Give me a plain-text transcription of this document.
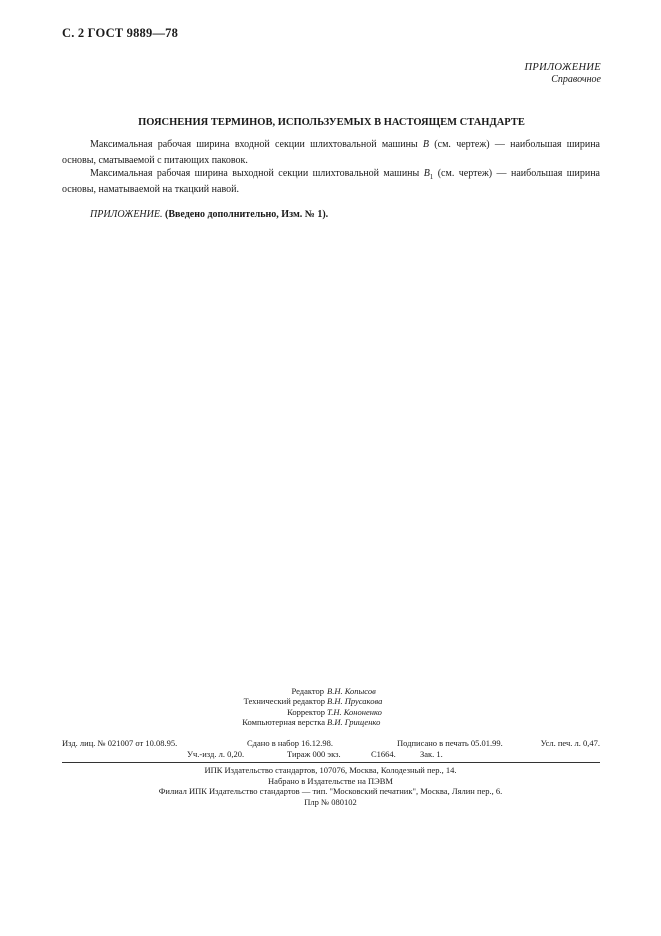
С. 2 ГОСТ 9889—78
ПРИЛОЖЕНИЕ
Справочное
ПОЯСНЕНИЯ ТЕРМИНОВ, ИСПОЛЬЗУЕМЫХ В НАСТОЯЩЕМ СТАНДАРТЕ

Максимальная рабочая ширина входной секции шлихтовальной машины B (см. чертеж) — наибольшая ширина основы, сматываемой с питающих паковок.

Максимальная рабочая ширина выходной секции шлихтовальной машины $B_1$ (см. чертеж) — наибольшая ширина основы, наматываемой на ткацкий навой.

ПРИЛОЖЕНИЕ. (Введено дополнительно, Изм. № 1).

Редактор В.Н. Копысов
Технический редактор В.Н. Прусакова
Корректор Т.Н. Кононенко
Компьютерная верстка В.И. Грищенко
Изд. лиц. № 021007 от 10.08.95.	Сдано в набор 16.12.98.	Подписано в печать 05.01.99.	Усл. печ. л. 0,47.
Уч.-изд. л. 0,20.	Тираж 000 экз.	С1664.	Зак. 1.
ИПК Издательство стандартов, 107076, Москва, Колодезный пер., 14.
Набрано в Издательстве на ПЭВМ
Филиал ИПК Издательство стандартов — тип. "Московский печатник", Москва, Лялин пер., 6.
Плр № 080102
